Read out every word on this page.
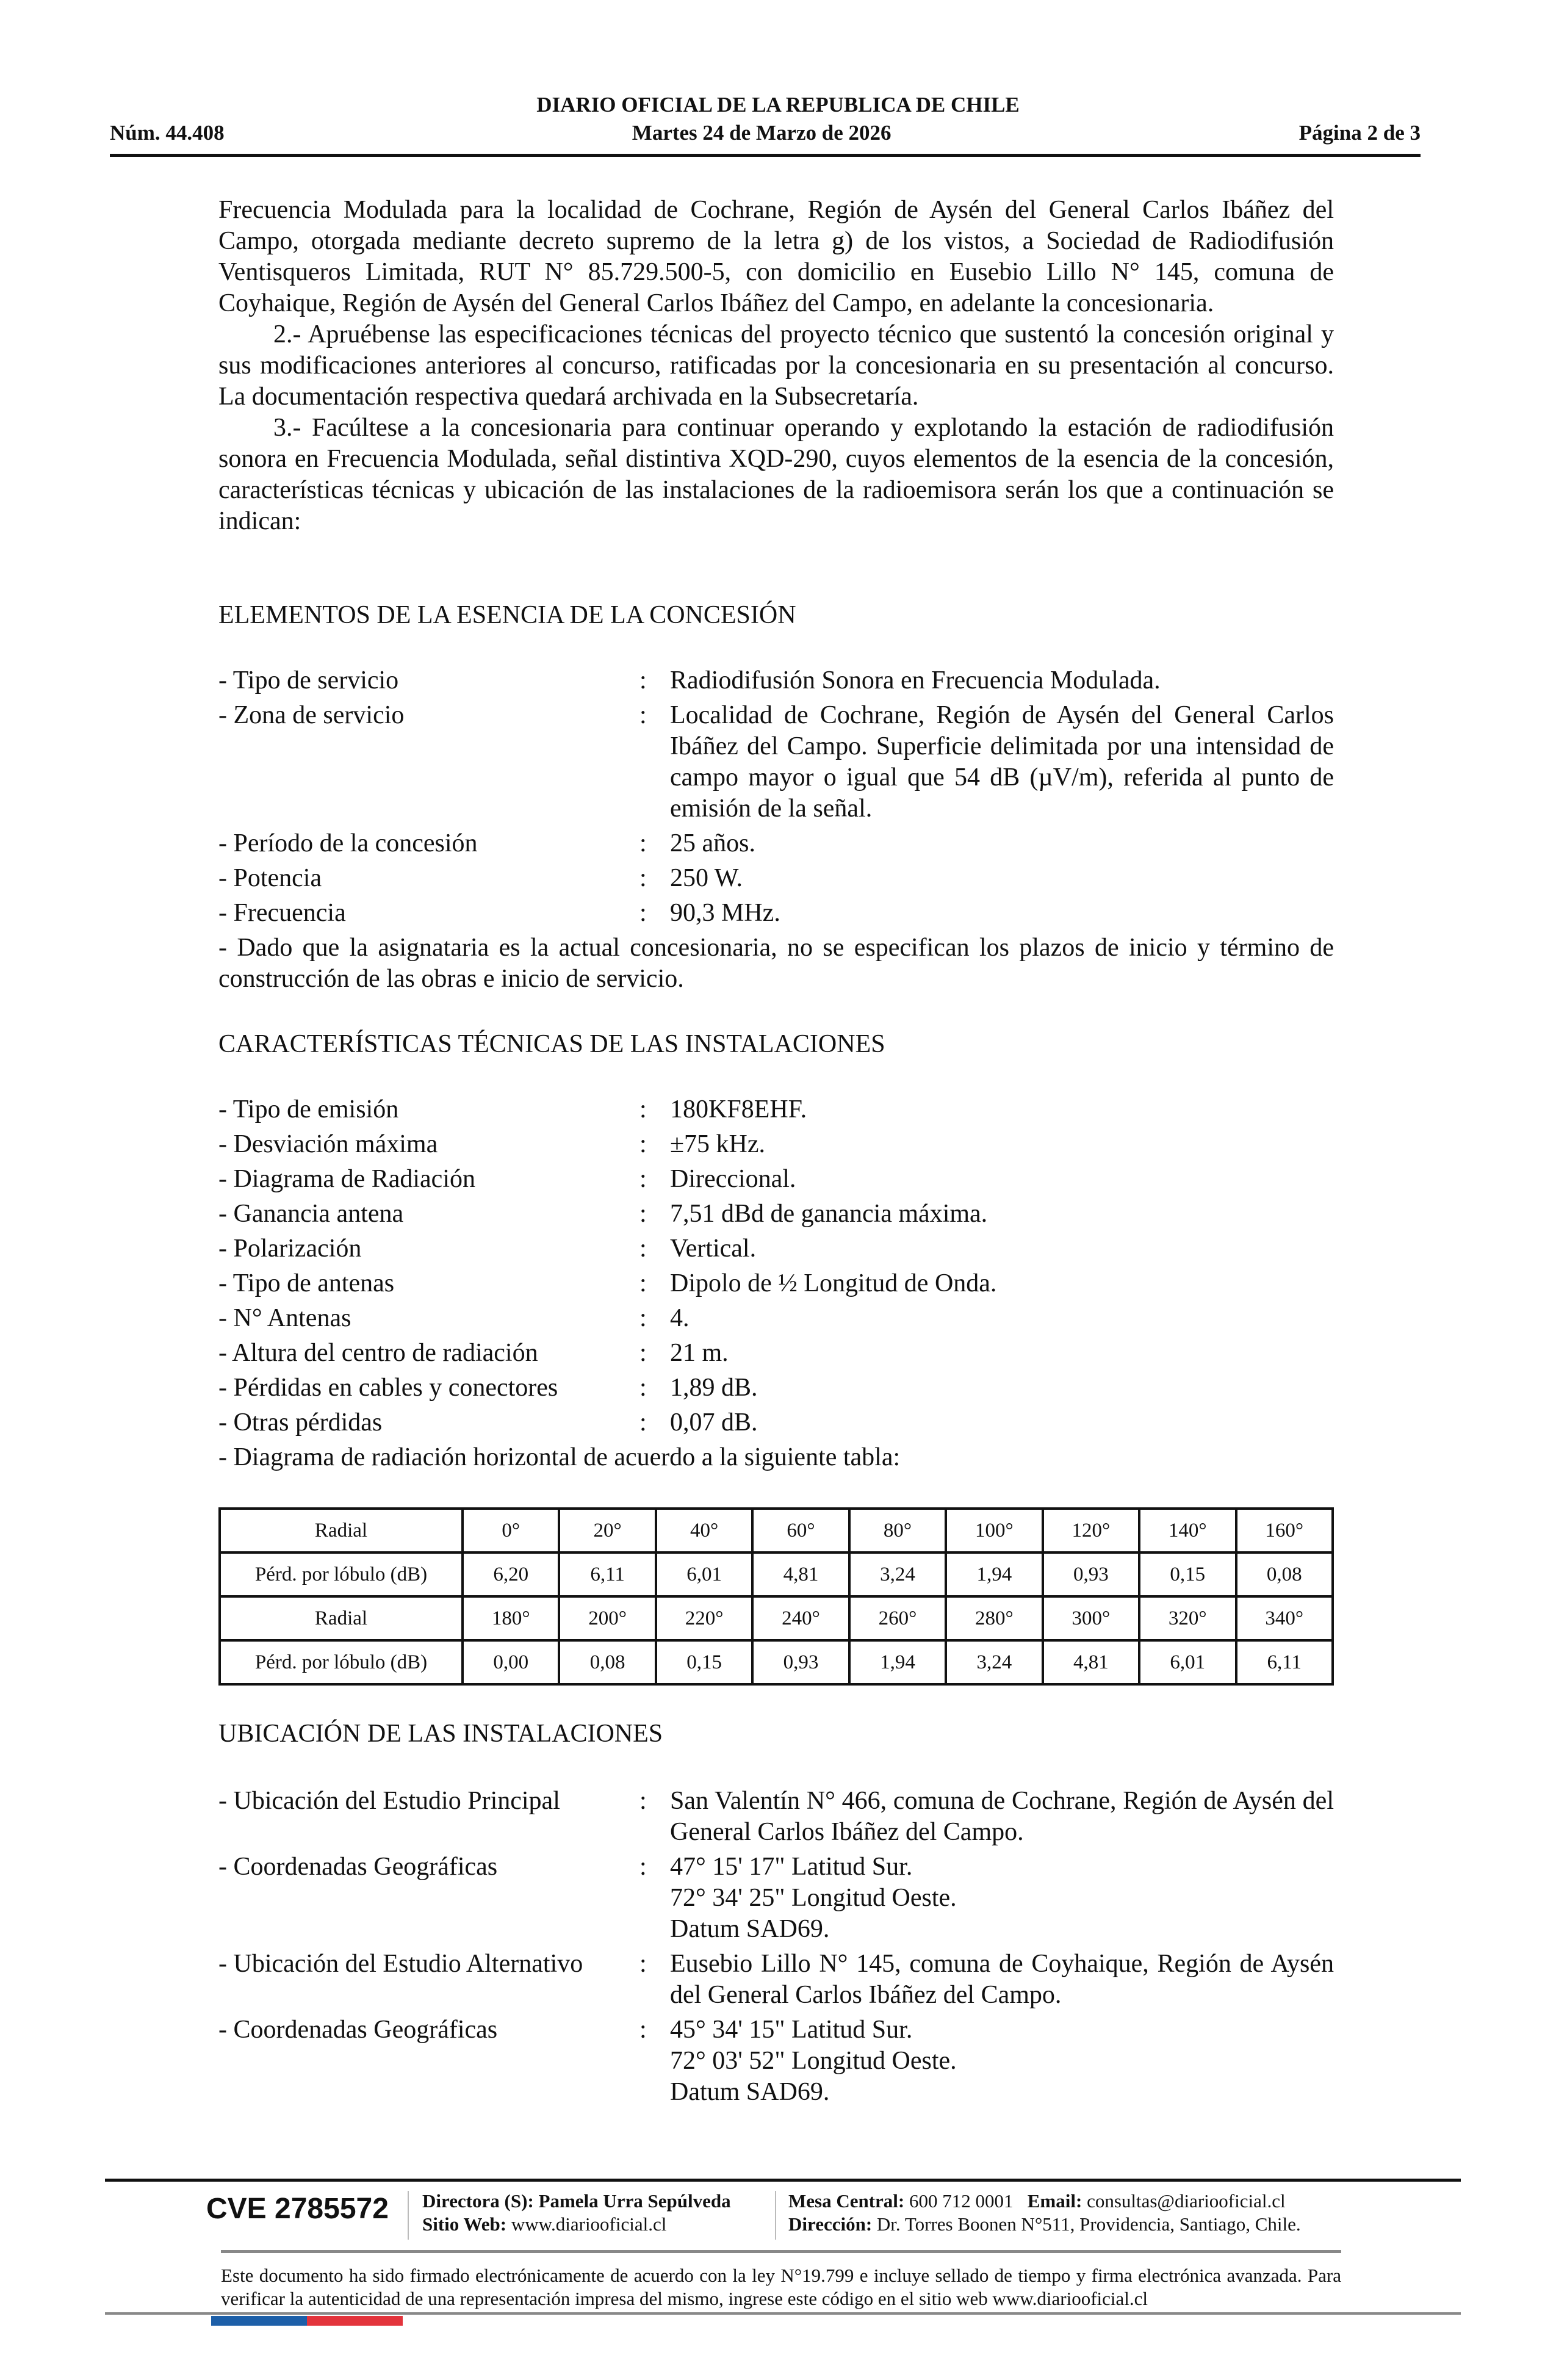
DIARIO OFICIAL DE LA REPUBLICA DE CHILE
Núm. 44.408	Martes 24 de Marzo de 2026	Página 2 de 3

Frecuencia Modulada para la localidad de Cochrane, Región de Aysén del General Carlos Ibáñez del Campo, otorgada mediante decreto supremo de la letra g) de los vistos, a Sociedad de Radiodifusión Ventisqueros Limitada, RUT N° 85.729.500-5, con domicilio en Eusebio Lillo N° 145, comuna de Coyhaique, Región de Aysén del General Carlos Ibáñez del Campo, en adelante la concesionaria.

2.- Apruébense las especificaciones técnicas del proyecto técnico que sustentó la concesión original y sus modificaciones anteriores al concurso, ratificadas por la concesionaria en su presentación al concurso. La documentación respectiva quedará archivada en la Subsecretaría.

3.- Facúltese a la concesionaria para continuar operando y explotando la estación de radiodifusión sonora en Frecuencia Modulada, señal distintiva XQD-290, cuyos elementos de la esencia de la concesión, características técnicas y ubicación de las instalaciones de la radioemisora serán los que a continuación se indican:

ELEMENTOS DE LA ESENCIA DE LA CONCESIÓN
- Tipo de servicio	: Radiodifusión Sonora en Frecuencia Modulada.
- Zona de servicio	: Localidad de Cochrane, Región de Aysén del General Carlos Ibáñez del Campo. Superficie delimitada por una intensidad de campo mayor o igual que 54 dB (µV/m), referida al punto de emisión de la señal.
- Período de la concesión	: 25 años.
- Potencia	: 250 W.
- Frecuencia	: 90,3 MHz.
- Dado que la asignataria es la actual concesionaria, no se especifican los plazos de inicio y término de construcción de las obras e inicio de servicio.
CARACTERÍSTICAS TÉCNICAS DE LAS INSTALACIONES
- Tipo de emisión	: 180KF8EHF.
- Desviación máxima	: ±75 kHz.
- Diagrama de Radiación	: Direccional.
- Ganancia antena	: 7,51 dBd de ganancia máxima.
- Polarización	: Vertical.
- Tipo de antenas	: Dipolo de ½ Longitud de Onda.
- N° Antenas	: 4.
- Altura del centro de radiación	: 21 m.
- Pérdidas en cables y conectores	: 1,89 dB.
- Otras pérdidas	: 0,07 dB.
- Diagrama de radiación horizontal de acuerdo a la siguiente tabla:
Radial	0°	20°	40°	60°	80°	100°	120°	140°	160°
Pérd. por lóbulo (dB)	6,20	6,11	6,01	4,81	3,24	1,94	0,93	0,15	0,08
Radial	180°	200°	220°	240°	260°	280°	300°	320°	340°
Pérd. por lóbulo (dB)	0,00	0,08	0,15	0,93	1,94	3,24	4,81	6,01	6,11
UBICACIÓN DE LAS INSTALACIONES
- Ubicación del Estudio Principal	: San Valentín N° 466, comuna de Cochrane, Región de Aysén del General Carlos Ibáñez del Campo.
- Coordenadas Geográficas	: 47° 15' 17" Latitud Sur.
72° 34' 25" Longitud Oeste.
Datum SAD69.
- Ubicación del Estudio Alternativo	: Eusebio Lillo N° 145, comuna de Coyhaique, Región de Aysén del General Carlos Ibáñez del Campo.
- Coordenadas Geográficas	: 45° 34' 15" Latitud Sur.
72° 03' 52" Longitud Oeste.
Datum SAD69.
CVE 2785572 Directora (S): Pamela Urra Sepúlveda
Sitio Web: www.diariooficial.cl
Mesa Central: 600 712 0001 Email: consultas@diariooficial.cl
Dirección: Dr. Torres Boonen N°511, Providencia, Santiago, Chile.
Este documento ha sido firmado electrónicamente de acuerdo con la ley N°19.799 e incluye sellado de tiempo y firma electrónica avanzada. Para verificar la autenticidad de una representación impresa del mismo, ingrese este código en el sitio web www.diariooficial.cl
